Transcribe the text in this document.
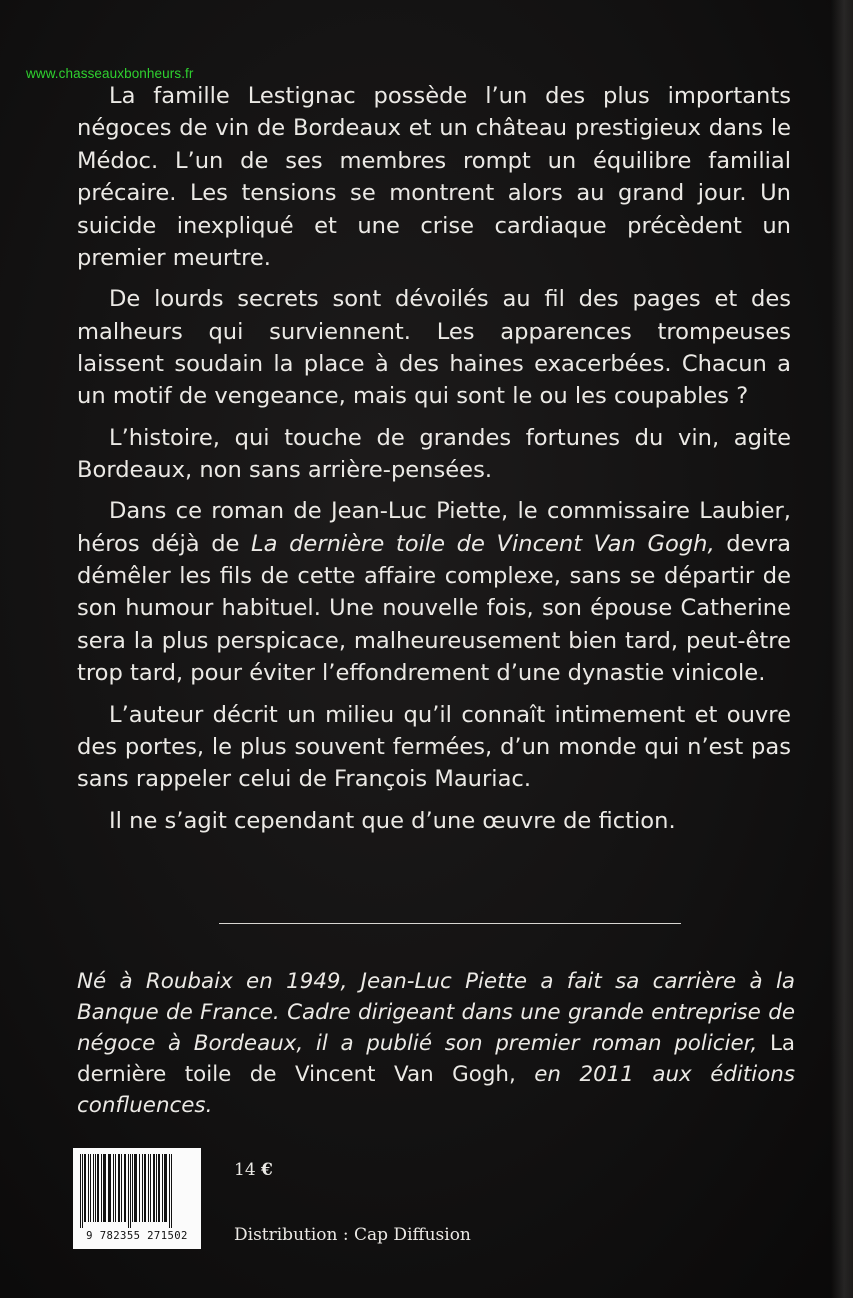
www.chasseauxbonheurs.fr

La famille Lestignac possède l’un des plus importants négoces de vin de Bordeaux et un château prestigieux dans le Médoc. L’un de ses membres rompt un équilibre familial précaire. Les tensions se montrent alors au grand jour. Un suicide inexpliqué et une crise cardiaque précèdent un premier meurtre.

De lourds secrets sont dévoilés au fil des pages et des malheurs qui surviennent. Les apparences trompeuses laissent soudain la place à des haines exacerbées. Chacun a un motif de vengeance, mais qui sont le ou les coupables ?

L’histoire, qui touche de grandes fortunes du vin, agite Bordeaux, non sans arrière-pensées.

Dans ce roman de Jean-Luc Piette, le commissaire Laubier, héros déjà de La dernière toile de Vincent Van Gogh, devra démêler les fils de cette affaire complexe, sans se départir de son humour habituel. Une nouvelle fois, son épouse Catherine sera la plus perspicace, malheureusement bien tard, peut-être trop tard, pour éviter l’effondrement d’une dynastie vinicole.

L’auteur décrit un milieu qu’il connaît intimement et ouvre des portes, le plus souvent fermées, d’un monde qui n’est pas sans rappeler celui de François Mauriac.

Il ne s’agit cependant que d’une œuvre de fiction.

Né à Roubaix en 1949, Jean-Luc Piette a fait sa carrière à la Banque de France. Cadre dirigeant dans une grande entreprise de négoce à Bordeaux, il a publié son premier roman policier, La dernière toile de Vincent Van Gogh, en 2011 aux éditions confluences.
9 782355 271502
14 €
Distribution : Cap Diffusion
